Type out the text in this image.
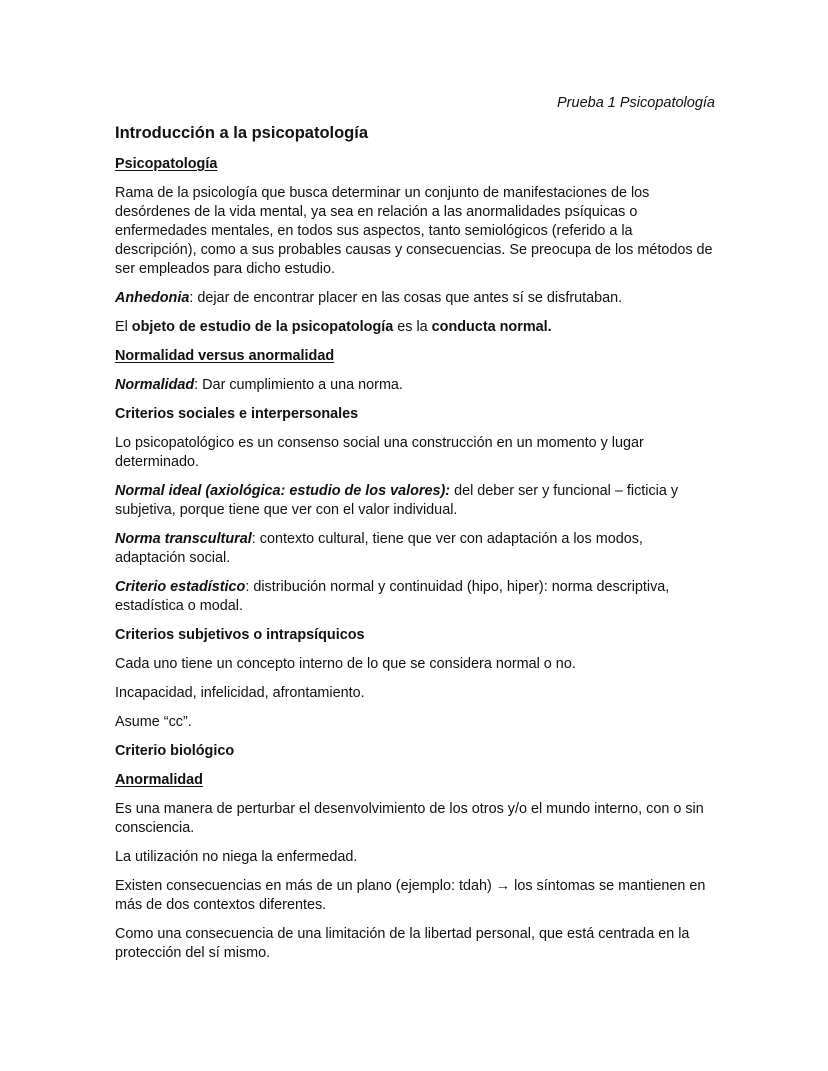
Prueba 1 Psicopatología
Introducción a la psicopatología

Psicopatología

Rama de la psicología que busca determinar un conjunto de manifestaciones de los desórdenes de la vida mental, ya sea en relación a las anormalidades psíquicas o enfermedades mentales, en todos sus aspectos, tanto semiológicos (referido a la descripción), como a sus probables causas y consecuencias. Se preocupa de los métodos de ser empleados para dicho estudio.

Anhedonia: dejar de encontrar placer en las cosas que antes sí se disfrutaban.

El objeto de estudio de la psicopatología es la conducta normal.

Normalidad versus anormalidad

Normalidad: Dar cumplimiento a una norma.

Criterios sociales e interpersonales

Lo psicopatológico es un consenso social una construcción en un momento y lugar determinado.

Normal ideal (axiológica: estudio de los valores): del deber ser y funcional – ficticia y subjetiva, porque tiene que ver con el valor individual.

Norma transcultural: contexto cultural, tiene que ver con adaptación a los modos, adaptación social.

Criterio estadístico: distribución normal y continuidad (hipo, hiper): norma descriptiva, estadística o modal.

Criterios subjetivos o intrapsíquicos

Cada uno tiene un concepto interno de lo que se considera normal o no.

Incapacidad, infelicidad, afrontamiento.

Asume “cc”.

Criterio biológico

Anormalidad

Es una manera de perturbar el desenvolvimiento de los otros y/o el mundo interno, con o sin consciencia.

La utilización no niega la enfermedad.

Existen consecuencias en más de un plano (ejemplo: tdah) → los síntomas se mantienen en más de dos contextos diferentes.

Como una consecuencia de una limitación de la libertad personal, que está centrada en la protección del sí mismo.
